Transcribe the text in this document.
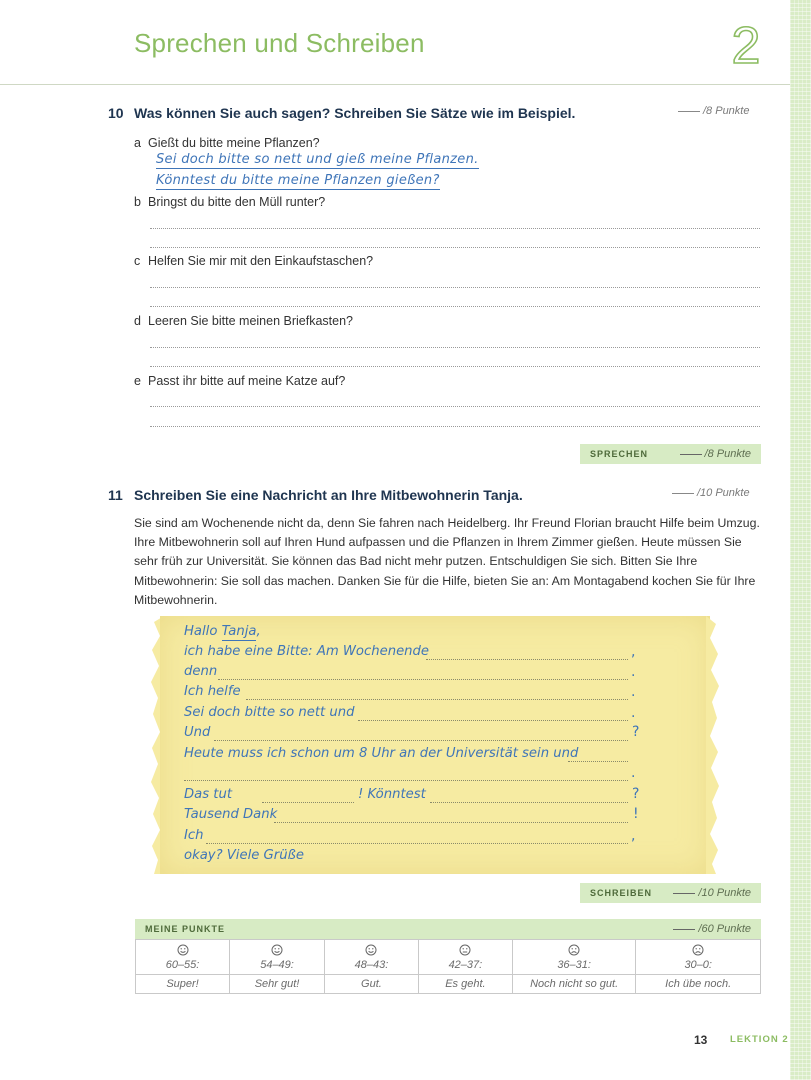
Sprechen und Schreiben	2
10 Was können Sie auch sagen? Schreiben Sie Sätze wie im Beispiel.	/8 Punkte
a Gießt du bitte meine Pflanzen?
Sei doch bitte so nett und gieß meine Pflanzen.
Könntest du bitte meine Pflanzen gießen?
b Bringst du bitte den Müll runter?
c Helfen Sie mir mit den Einkaufstaschen?
d Leeren Sie bitte meinen Briefkasten?
e Passt ihr bitte auf meine Katze auf?
SPRECHEN	/8 Punkte
11 Schreiben Sie eine Nachricht an Ihre Mitbewohnerin Tanja.	/10 Punkte
Sie sind am Wochenende nicht da, denn Sie fahren nach Heidelberg. Ihr Freund Florian braucht Hilfe beim Umzug. Ihre Mitbewohnerin soll auf Ihren Hund aufpassen und die Pflanzen in Ihrem Zimmer gießen. Heute müssen Sie sehr früh zur Universität. Sie können das Bad nicht mehr putzen. Entschuldigen Sie sich. Bitten Sie Ihre Mitbewohnerin: Sie soll das machen. Danken Sie für die Hilfe, bieten Sie an: Am Montagabend kochen Sie für Ihre Mitbewohnerin.
Hallo Tanja,
ich habe eine Bitte: Am Wochenende	,
denn	.
Ich helfe	.
Sei doch bitte so nett und	.
Und	?
Heute muss ich schon um 8 Uhr an der Universität sein und
.
Das tut	! Könntest	?
Tausend Dank	!
Ich	,
okay? Viele Grüße
SCHREIBEN	/10 Punkte
MEINE PUNKTE	/60 Punkte
60–55:	54–49:	48–43:	42–37:	36–31:	30–0:

Super!	Sehr gut!	Gut.	Es geht.	Noch nicht so gut.	Ich übe noch.
13 LEKTION 2
